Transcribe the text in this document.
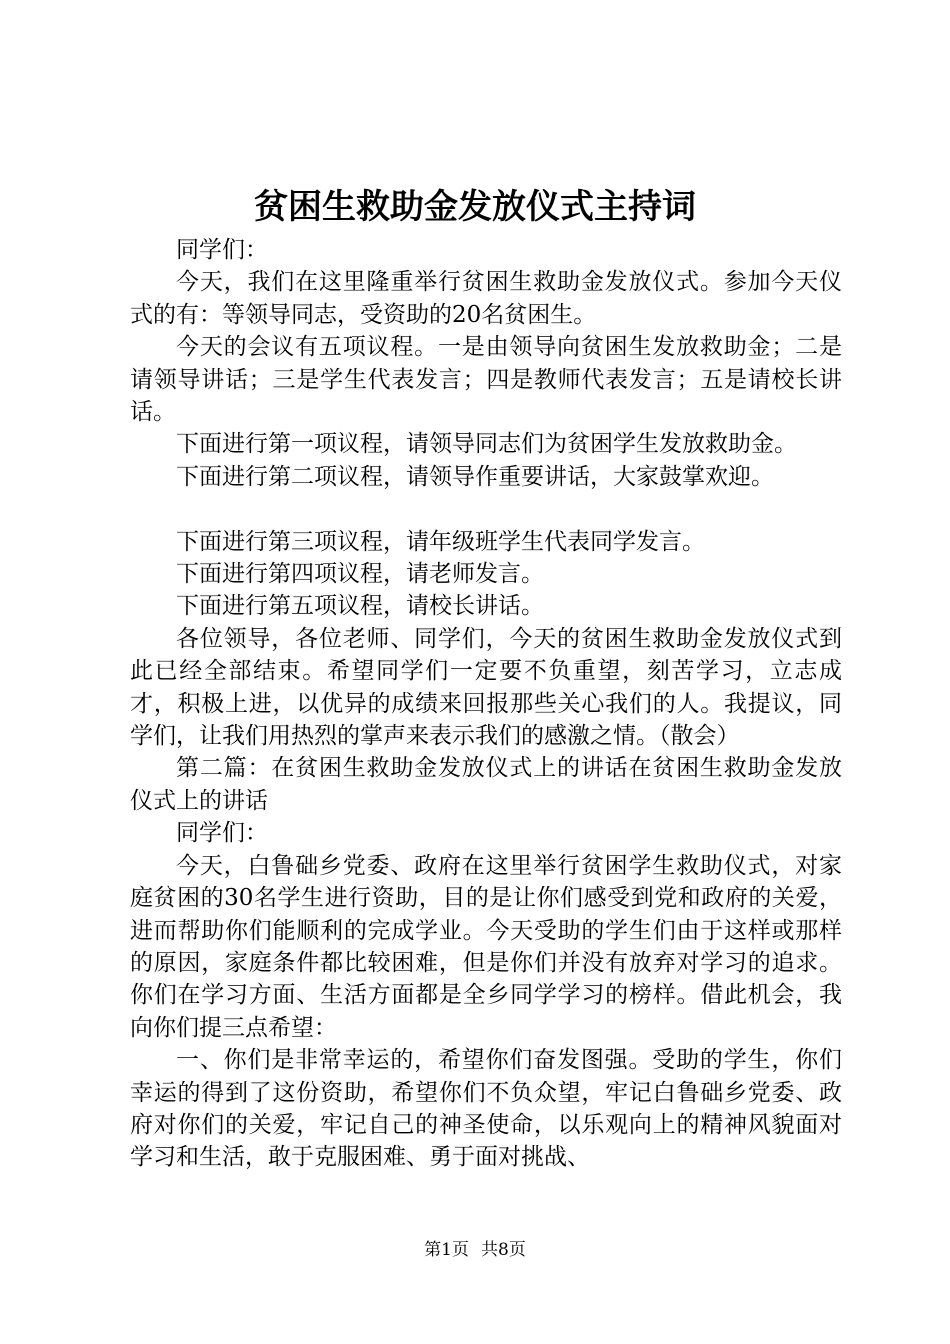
贫困生救助金发放仪式主持词

同学们：

今天，我们在这里隆重举行贫困生救助金发放仪式。参加今天仪式的有：等领导同志，受资助的20名贫困生。

今天的会议有五项议程。一是由领导向贫困生发放救助金；二是请领导讲话；三是学生代表发言；四是教师代表发言；五是请校长讲话。

下面进行第一项议程，请领导同志们为贫困学生发放救助金。

下面进行第二项议程，请领导作重要讲话，大家鼓掌欢迎。

下面进行第三项议程，请年级班学生代表同学发言。

下面进行第四项议程，请老师发言。

下面进行第五项议程，请校长讲话。

各位领导，各位老师、同学们，今天的贫困生救助金发放仪式到此已经全部结束。希望同学们一定要不负重望，刻苦学习，立志成才，积极上进，以优异的成绩来回报那些关心我们的人。我提议，同学们，让我们用热烈的掌声来表示我们的感激之情。（散会）

第二篇：在贫困生救助金发放仪式上的讲话在贫困生救助金发放仪式上的讲话

同学们：

今天，白鲁础乡党委、政府在这里举行贫困学生救助仪式，对家庭贫困的30名学生进行资助，目的是让你们感受到党和政府的关爱，进而帮助你们能顺利的完成学业。今天受助的学生们由于这样或那样的原因，家庭条件都比较困难，但是你们并没有放弃对学习的追求。你们在学习方面、生活方面都是全乡同学学习的榜样。借此机会，我向你们提三点希望：

一、你们是非常幸运的，希望你们奋发图强。受助的学生，你们幸运的得到了这份资助，希望你们不负众望，牢记白鲁础乡党委、政府对你们的关爱，牢记自己的神圣使命，以乐观向上的精神风貌面对学习和生活，敢于克服困难、勇于面对挑战、

第1页 共8页
